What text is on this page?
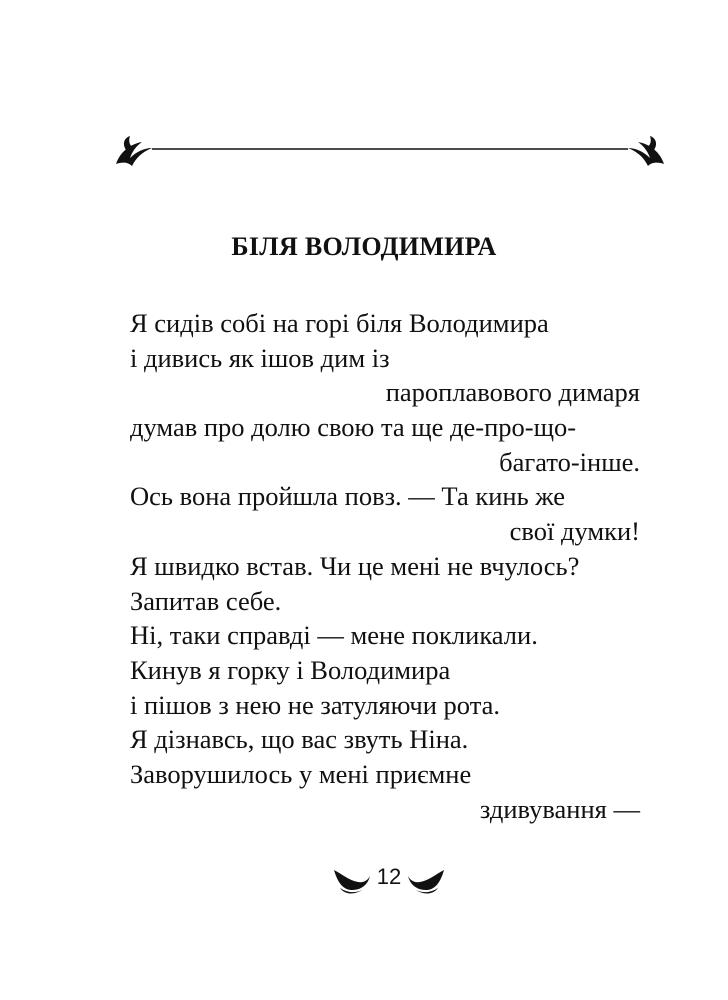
БІЛЯ ВОЛОДИМИРА
Я сидів собі на горі біля Володимира
і дивись як ішов дим із
пароплавового димаря
думав про долю свою та ще де-про-що-
багато-інше.
Ось вона пройшла повз. — Та кинь же
свої думки!
Я швидко встав. Чи це мені не вчулось?
Запитав себе.
Ні, таки справді — мене покликали.
Кинув я горку і Володимира
і пішов з нею не затуляючи рота.
Я дізнавсь, що вас звуть Ніна.
Заворушилось у мені приємне
здивування —
12
